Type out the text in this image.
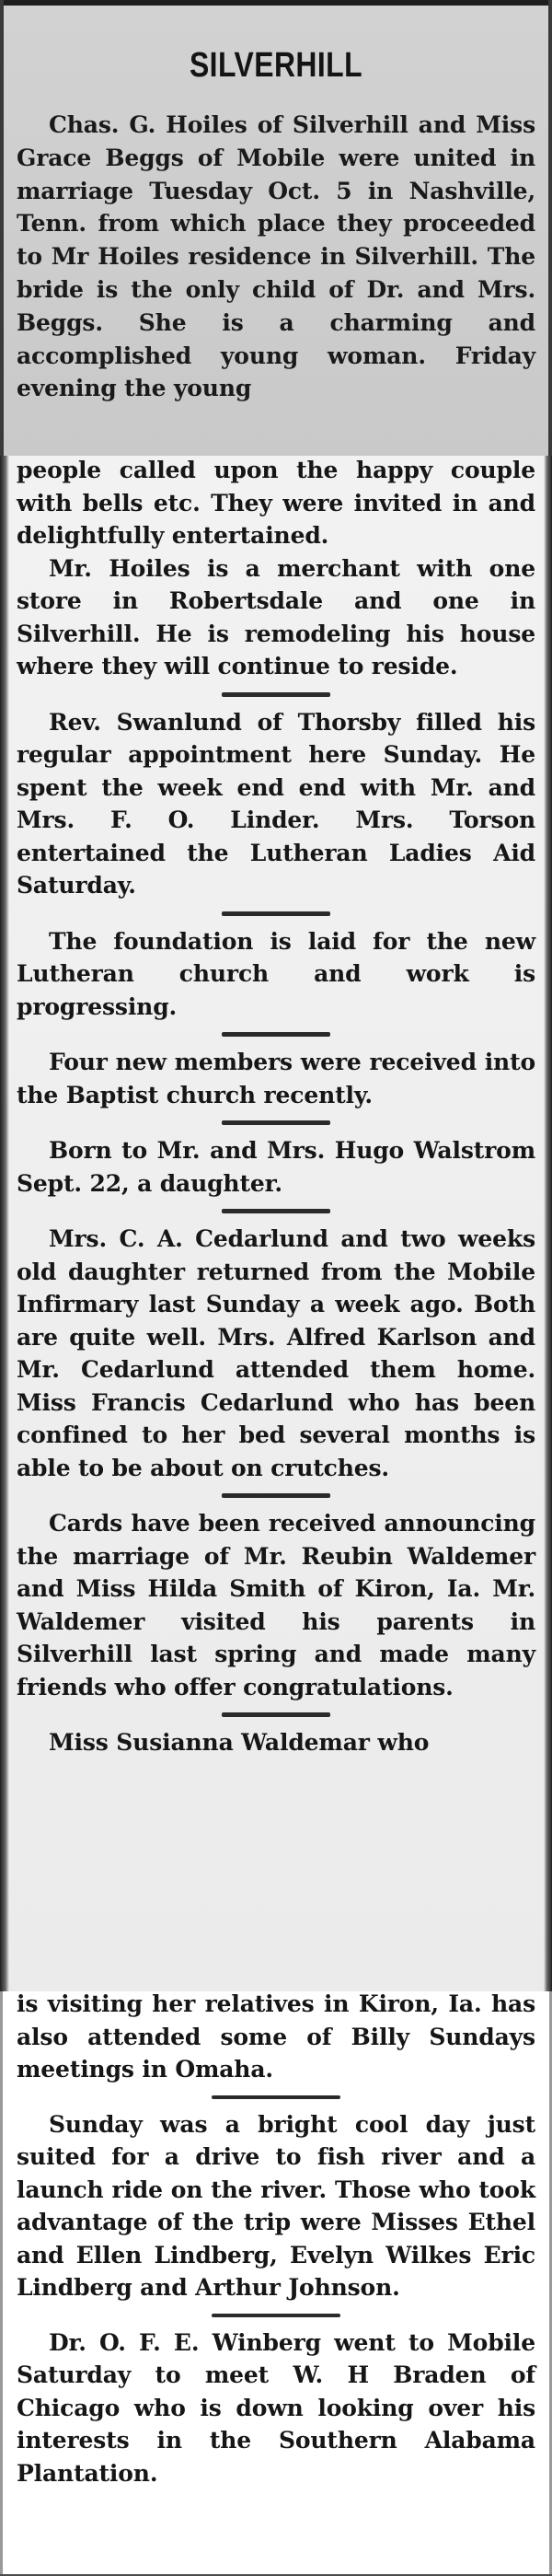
SILVERHILL

Chas. G. Hoiles of Silverhill and Miss Grace Beggs of Mobile were united in marriage Tuesday Oct. 5 in Nashville, Tenn. from which place they proceeded to Mr Hoiles residence in Silverhill. The bride is the only child of Dr. and Mrs. Beggs. She is a charming and accomplished young woman. Friday evening the young

people called upon the happy couple with bells etc. They were invited in and delightfully entertained.

Mr. Hoiles is a merchant with one store in Robertsdale and one in Silverhill. He is remodeling his house where they will continue to reside.

Rev. Swanlund of Thorsby filled his regular appointment here Sunday. He spent the week end end with Mr. and Mrs. F. O. Linder. Mrs. Torson entertained the Lutheran Ladies Aid Saturday.

The foundation is laid for the new Lutheran church and work is progressing.

Four new members were received into the Baptist church recently.

Born to Mr. and Mrs. Hugo Walstrom Sept. 22, a daughter.

Mrs. C. A. Cedarlund and two weeks old daughter returned from the Mobile Infirmary last Sunday a week ago. Both are quite well. Mrs. Alfred Karlson and Mr. Cedarlund attended them home. Miss Francis Cedarlund who has been confined to her bed several months is able to be about on crutches.

Cards have been received announcing the marriage of Mr. Reubin Waldemer and Miss Hilda Smith of Kiron, Ia. Mr. Waldemer visited his parents in Silverhill last spring and made many friends who offer congratulations.

Miss Susianna Waldemar who

is visiting her relatives in Kiron, Ia. has also attended some of Billy Sundays meetings in Omaha.

Sunday was a bright cool day just suited for a drive to fish river and a launch ride on the river. Those who took advantage of the trip were Misses Ethel and Ellen Lindberg, Evelyn Wilkes Eric Lindberg and Arthur Johnson.

Dr. O. F. E. Winberg went to Mobile Saturday to meet W. H Braden of Chicago who is down looking over his interests in the Southern Alabama Plantation.
